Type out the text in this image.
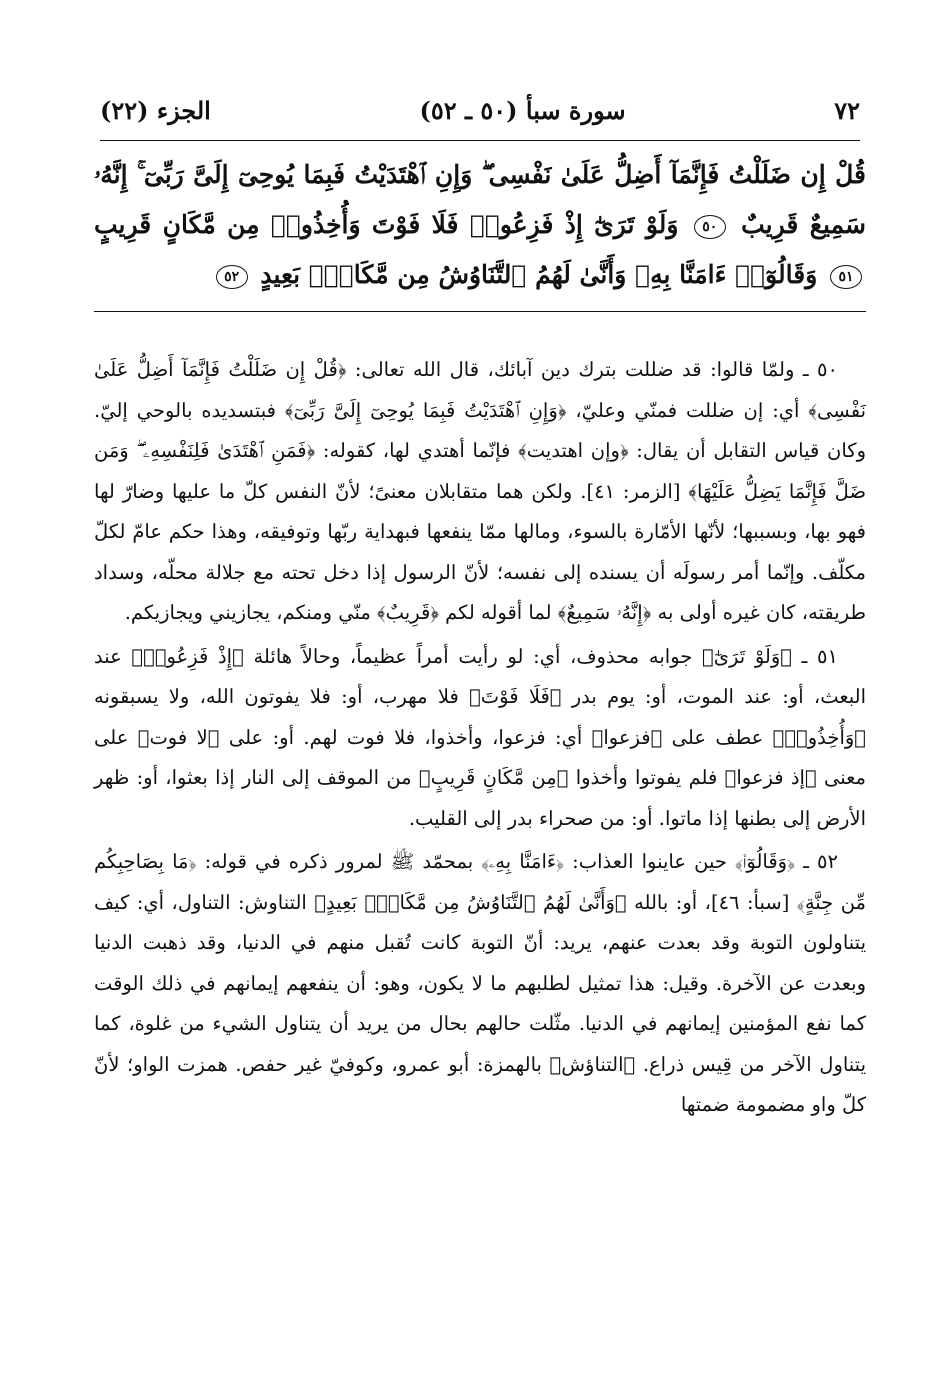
٧٢
سورة سبأ (٥٠ ـ ٥٢)
الجزء (٢٢)
قُلْ إِن ضَلَلْتُ فَإِنَّمَآ أَضِلُّ عَلَىٰ نَفْسِى ۖ وَإِنِ ٱهْتَدَيْتُ فَبِمَا يُوحِىٓ إِلَىَّ رَبِّىٓ ۚ إِنَّهُۥ سَمِيعٌ قَرِيبٌ ٥٠ وَلَوْ تَرَىٰٓ إِذْ فَزِعُوا۟ فَلَا فَوْتَ وَأُخِذُوا۟ مِن مَّكَانٍ قَرِيبٍ ٥١ وَقَالُوٓا۟ ءَامَنَّا بِهِۦ وَأَنَّىٰ لَهُمُ ٱلتَّنَاوُشُ مِن مَّكَانٍۭ بَعِيدٍ ٥٢

٥٠ ـ ولمّا قالوا: قد ضللت بترك دين آبائك، قال الله تعالى: ﴿قُلْ إِن ضَلَلْتُ فَإِنَّمَآ أَضِلُّ عَلَىٰ نَفْسِى﴾ أي: إن ضللت فمنّي وعليّ، ﴿وَإِنِ ٱهْتَدَيْتُ فَبِمَا يُوحِىٓ إِلَىَّ رَبِّىٓ﴾ فبتسديده بالوحي إليّ. وكان قياس التقابل أن يقال: ﴿وإن اهتديت﴾ فإنّما أهتدي لها، كقوله: ﴿فَمَنِ ٱهْتَدَىٰ فَلِنَفْسِهِۦ ۖ وَمَن ضَلَّ فَإِنَّمَا يَضِلُّ عَلَيْهَا﴾ [الزمر: ٤١]. ولكن هما متقابلان معنىً؛ لأنّ النفس كلّ ما عليها وضارّ لها فهو بها، وبسببها؛ لأنّها الأمّارة بالسوء، ومالها ممّا ينفعها فبهداية ربّها وتوفيقه، وهذا حكم عامّ لكلّ مكلّف. وإنّما أمر رسولَه أن يسنده إلى نفسه؛ لأنّ الرسول إذا دخل تحته مع جلالة محلّه، وسداد طريقته، كان غيره أولى به ﴿إِنَّهُۥ سَمِيعٌ﴾ لما أقوله لكم ﴿قَرِيبٌ﴾ منّي ومنكم، يجازيني ويجازيكم.

٥١ ـ ﴿وَلَوْ تَرَىٰٓ﴾ جوابه محذوف، أي: لو رأيت أمراً عظيماً، وحالاً هائلة ﴿إِذْ فَزِعُوا۟﴾ عند البعث، أو: عند الموت، أو: يوم بدر ﴿فَلَا فَوْتَ﴾ فلا مهرب، أو: فلا يفوتون الله، ولا يسبقونه ﴿وَأُخِذُوا۟﴾ عطف على ﴿فزعوا﴾ أي: فزعوا، وأخذوا، فلا فوت لهم. أو: على ﴿لا فوت﴾ على معنى ﴿إذ فزعوا﴾ فلم يفوتوا وأخذوا ﴿مِن مَّكَانٍ قَرِيبٍ﴾ من الموقف إلى النار إذا بعثوا، أو: ظهر الأرض إلى بطنها إذا ماتوا. أو: من صحراء بدر إلى القليب.

٥٢ ـ ﴿وَقَالُوٓا۟﴾ حين عاينوا العذاب: ﴿ءَامَنَّا بِهِۦ﴾ بمحمّد ﷺ لمرور ذكره في قوله: ﴿مَا بِصَاحِبِكُم مِّن جِنَّةٍ﴾ [سبأ: ٤٦]، أو: بالله ﴿وَأَنَّىٰ لَهُمُ ٱلتَّنَاوُشُ مِن مَّكَانٍۭ بَعِيدٍ﴾ التناوش: التناول، أي: كيف يتناولون التوبة وقد بعدت عنهم، يريد: أنّ التوبة كانت تُقبل منهم في الدنيا، وقد ذهبت الدنيا وبعدت عن الآخرة. وقيل: هذا تمثيل لطلبهم ما لا يكون، وهو: أن ينفعهم إيمانهم في ذلك الوقت كما نفع المؤمنين إيمانهم في الدنيا. مثّلت حالهم بحال من يريد أن يتناول الشيء من غلوة، كما يتناول الآخر من قِيس ذراع. ﴿التناؤش﴾ بالهمزة: أبو عمرو، وكوفيّ غير حفص. همزت الواو؛ لأنّ كلّ واو مضمومة ضمتها
